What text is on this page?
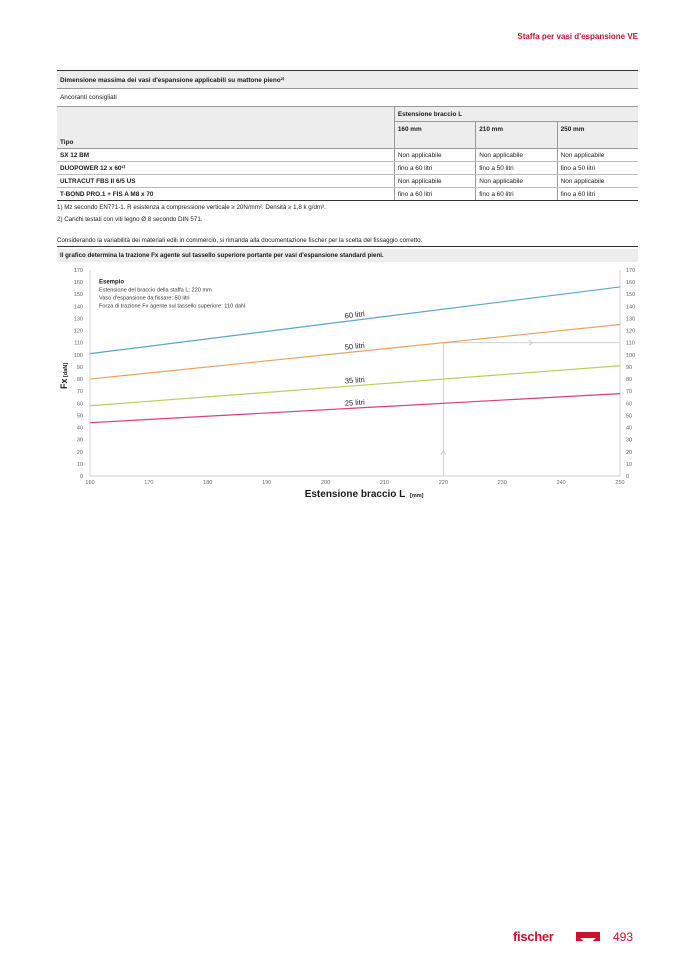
Staffa per vasi d'espansione VE
Dimensione massima dei vasi d'espansione applicabili su mattone pieno²⁾			
Ancoranti consigliati			
	Estensione braccio L		
	160 mm	210 mm	250 mm
Tipo			
SX 12 BM	Non applicabile	Non applicabile	Non applicabile
DUOPOWER 12 x 60¹⁾	fino a 60 litri	fino a 50 litri	fino a 50 litri
ULTRACUT FBS II 6/5 US	Non applicabile	Non applicabile	Non applicabile
T-BOND PRO.1 + FIS A M8 x 70	fino a 60 litri	fino a 60 litri	fino a 60 litri
1) Mz secondo EN771-1. R esistenza a compressione verticale ≥ 20N/mm². Densità ≥ 1,8 k g/dm³.
2) Carichi testati con viti legno Ø 8 secondo DIN 571.
Considerando la variabilità dei materiali edili in commercio, si rimanda alla documentazione fischer per la scelta del fissaggio corretto.
Il grafico determina la trazione Fx agente sul tassello superiore portante per vasi d'espansione standard pieni.
0	0
10	10
20	20
30	30
40	40
50	50
60	60
70	70
80	80
90	90
100	100
110	110
120	120
130	130
140	140
150	150
160	160
170	170
160	170	180	190	200	210	220	230	240	250
Estensione braccio L [mm]
Fx
[daN]
60 litri
50 litri
35 litri
25 litri
Esempio
Estensione del braccio della staffa L: 220 mm
Vaso d'espansione da fissare: 50 litri
Forza di trazione Fx agente sul tassello superiore: 110 daN
fischer	493
